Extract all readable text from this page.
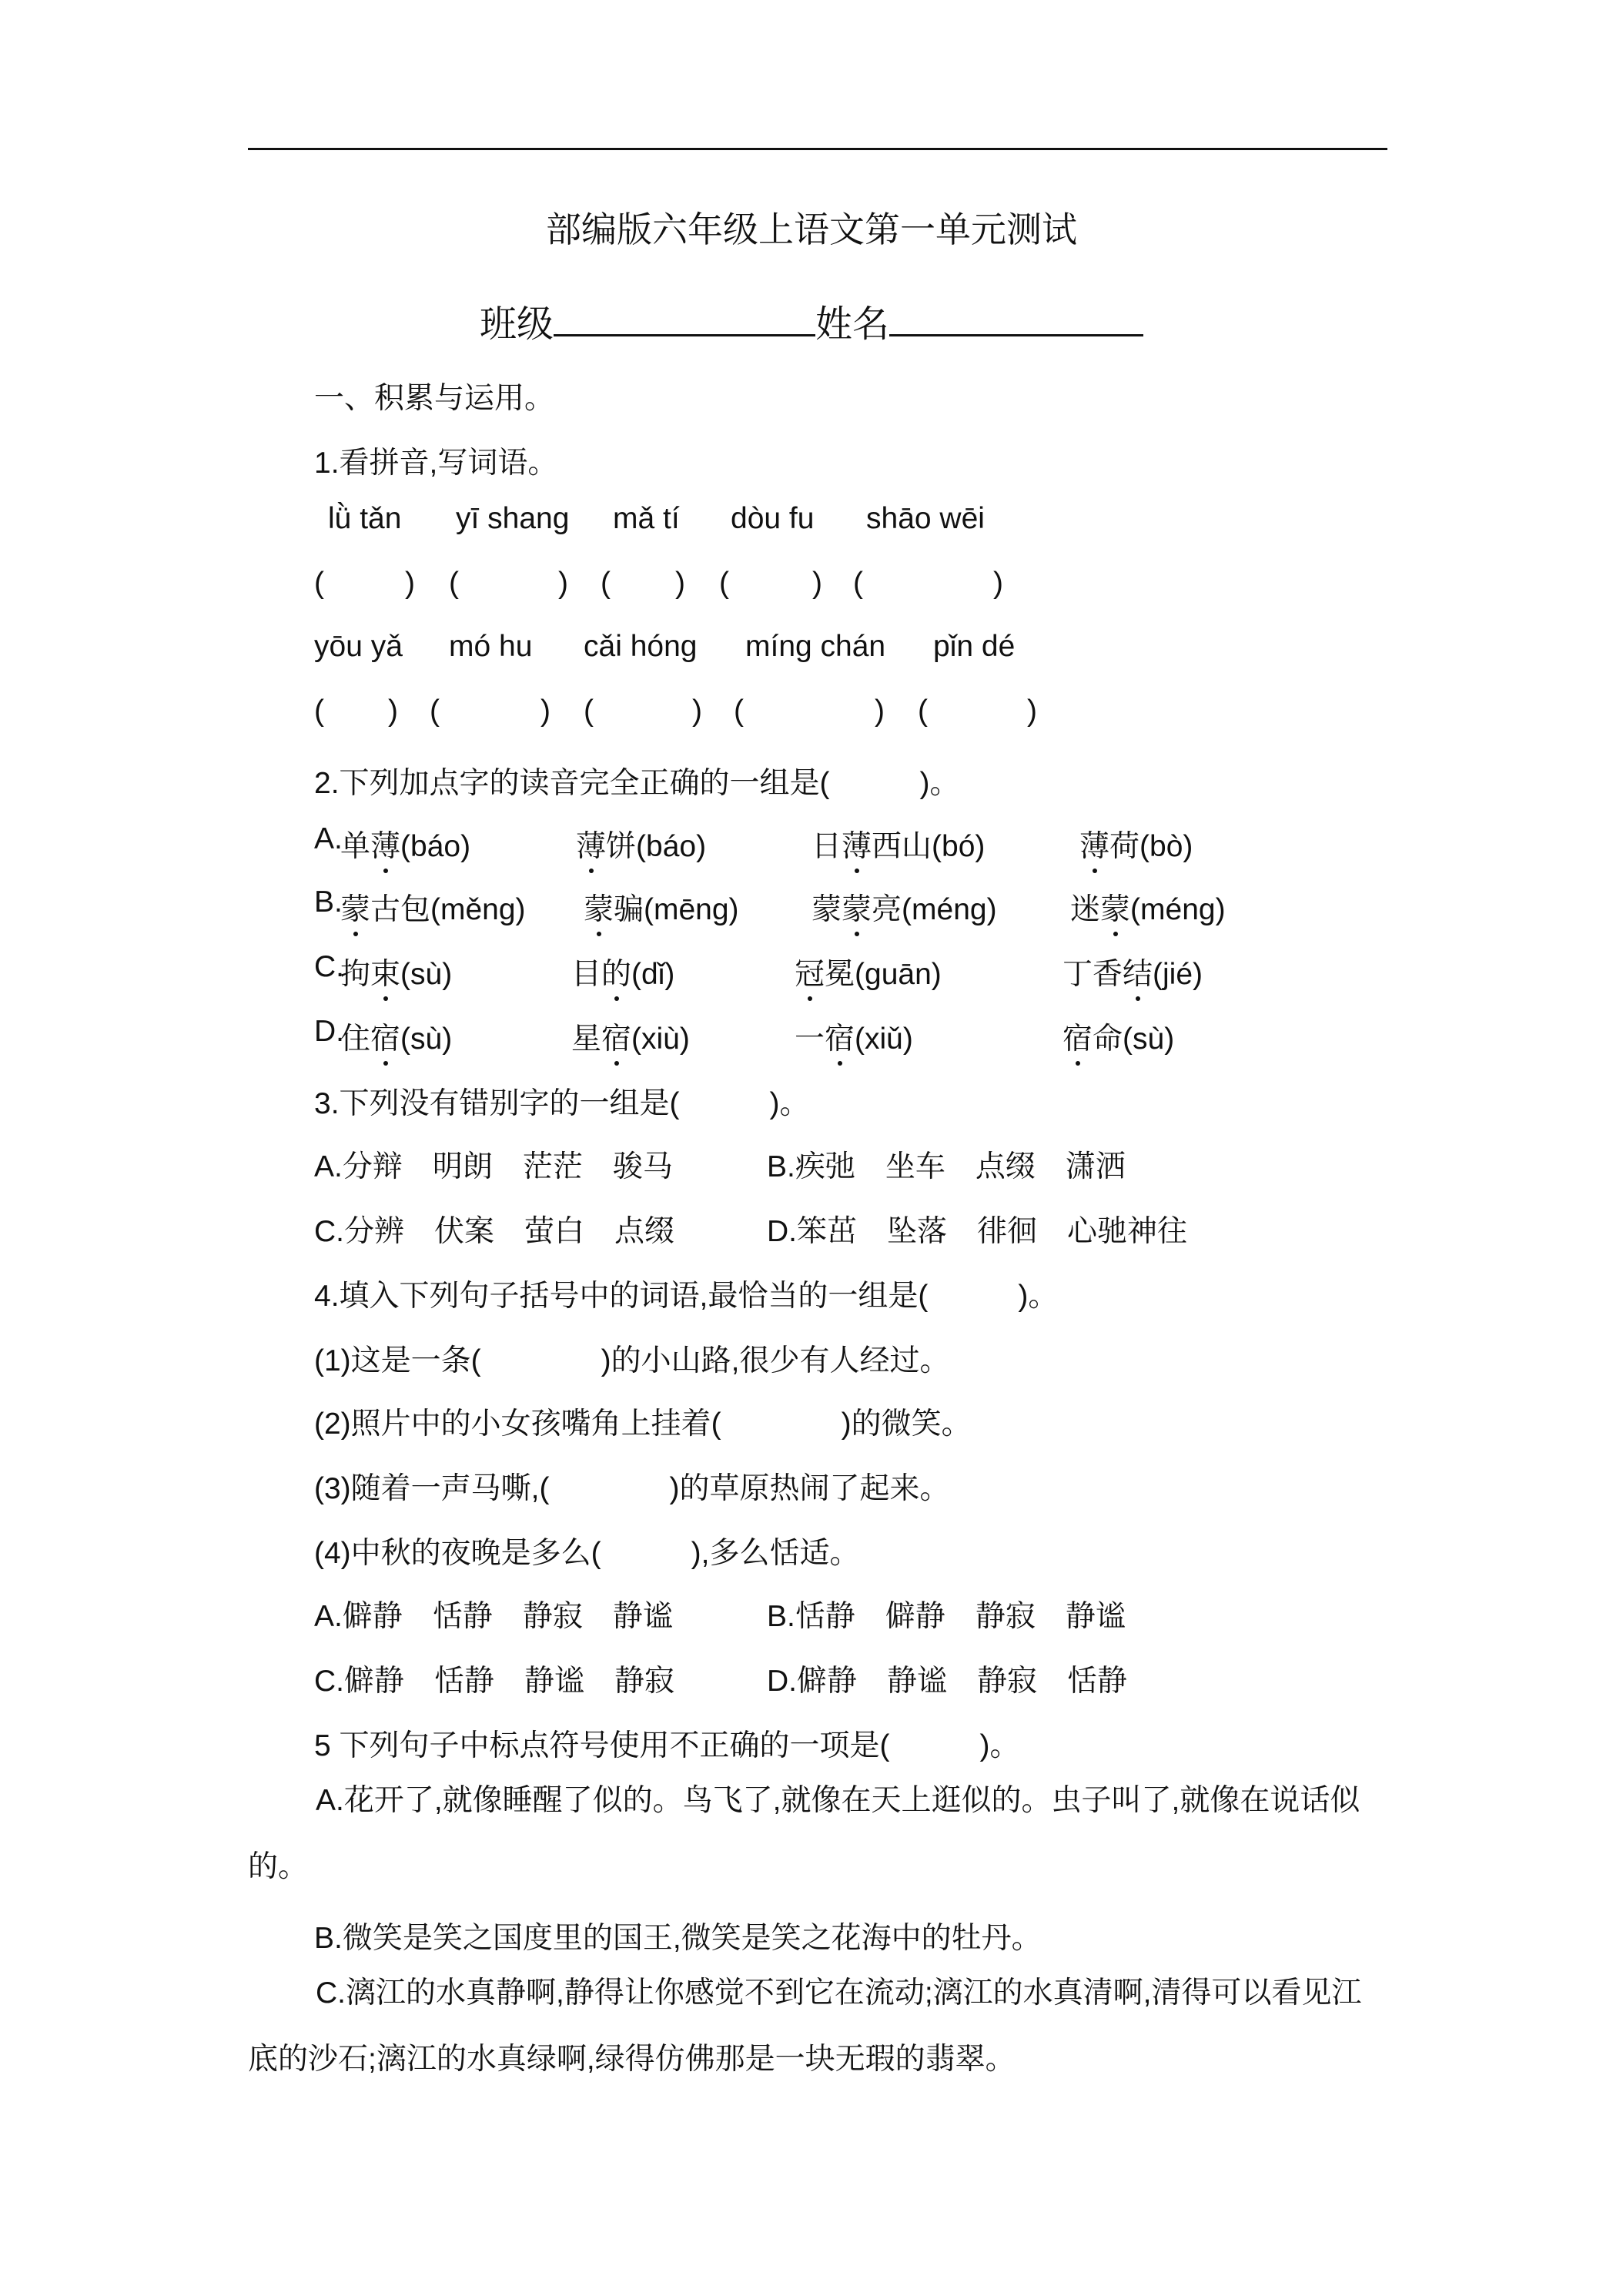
部编版六年级上语文第一单元测试
班级	姓名
一、积累与运用。
1.看拼音,写词语。
lǜ tǎn yī shang mǎ tí dòu fu shāo wēi
(	) (	) ( ) (	) (	)
yōu yǎ mó hu cǎi hóng míng chán pǐn dé
( ) (	) (	) (	) (	)
2.下列加点字的读音完全正确的一组是(　　　)。
A.
单薄(báo)	薄饼(báo)	日薄西山(bó)	薄荷(bò)
B.
蒙古包(měng) 蒙骗(mēng) 蒙蒙亮(méng) 迷蒙(méng)
C.
拘束(sù)	目的(dǐ)	冠冕(guān)	丁香结(jié)
D.
住宿(sù)	星宿(xiù)	一宿(xiǔ)	宿命(sù)
3.下列没有错别字的一组是(　　　)。
A.分辩　明朗　茫茫　骏马	B.疾弛　坐车　点缀　潇洒
C.分辨　伏案　萤白　点缀	D.笨茁　坠落　徘徊　心驰神往
4.填入下列句子括号中的词语,最恰当的一组是(　　　)。
(1)这是一条(　　　　)的小山路,很少有人经过。
(2)照片中的小女孩嘴角上挂着(　　　　)的微笑。
(3)随着一声马嘶,(　　　　)的草原热闹了起来。
(4)中秋的夜晚是多么(　　　),多么恬适。
A.僻静　恬静　静寂　静谧	B.恬静　僻静　静寂　静谧
C.僻静　恬静　静谧　静寂	D.僻静　静谧　静寂　恬静
5 下列句子中标点符号使用不正确的一项是(　　　)。
A.花开了,就像睡醒了似的。鸟飞了,就像在天上逛似的。虫子叫了,就像在说话似的。
B.微笑是笑之国度里的国王,微笑是笑之花海中的牡丹。
C.漓江的水真静啊,静得让你感觉不到它在流动;漓江的水真清啊,清得可以看见江底的沙石;漓江的水真绿啊,绿得仿佛那是一块无瑕的翡翠。
